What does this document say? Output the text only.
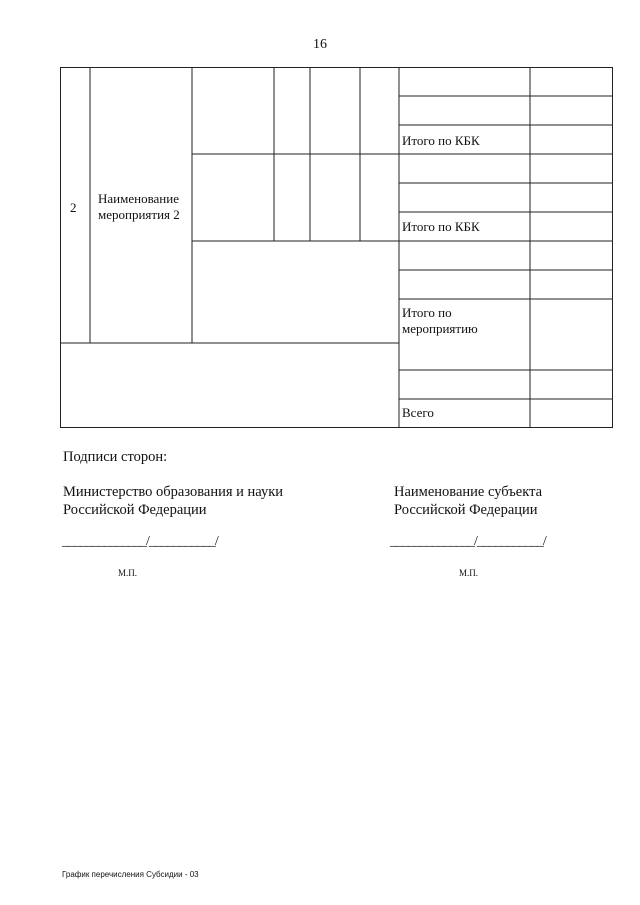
16
2
Наименование мероприятия 2
Итого по КБК
Итого по КБК
Итого по мероприятию
Всего
Подписи сторон:
Министерство образования и науки Российской Федерации
Наименование субъекта Российской Федерации
______________/___________/	______________/___________/
М.П.	М.П.
График перечисления Субсидии - 03
